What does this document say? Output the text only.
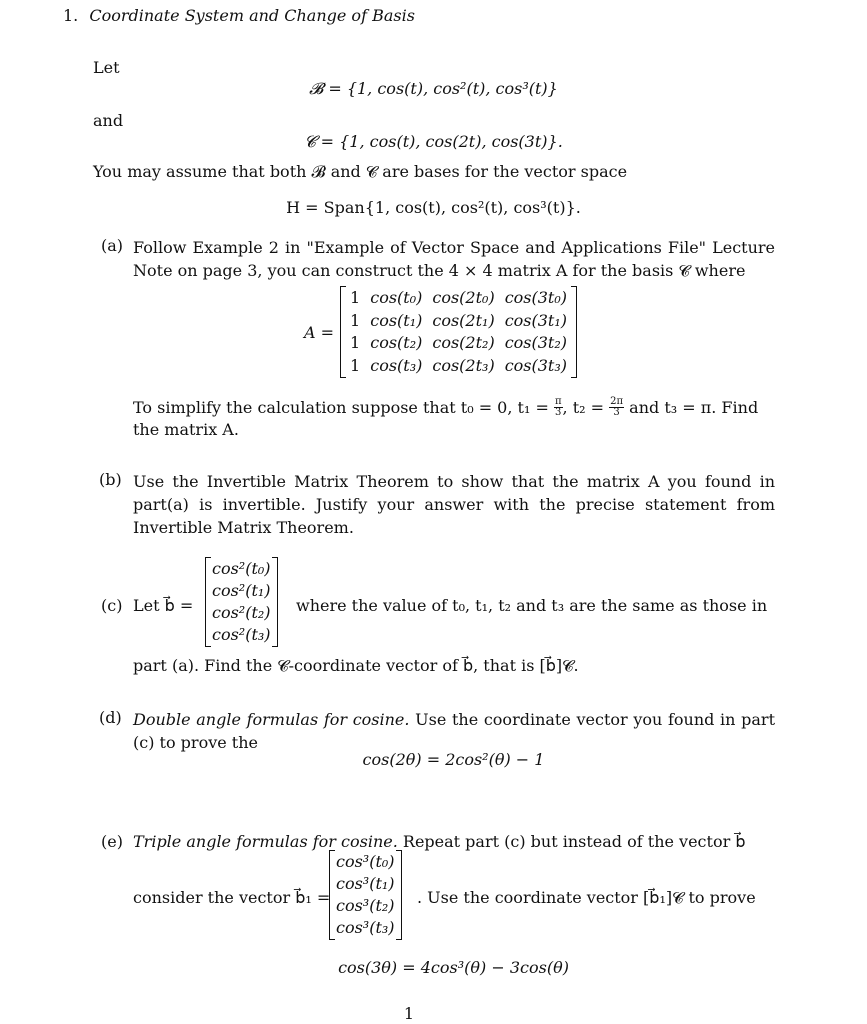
1. Coordinate System and Change of Basis
Let
𝓑 = {1, cos(t), cos²(t), cos³(t)}
and
𝓒 = {1, cos(t), cos(2t), cos(3t)}.
You may assume that both 𝓑 and 𝓒 are bases for the vector space
H = Span{1, cos(t), cos²(t), cos³(t)}.
(a) Follow Example 2 in "Example of Vector Space and Applications File" Lecture Note on page 3, you can construct the 4 × 4 matrix A for the basis 𝓒 where
A =
1	cos(t₀)	cos(2t₀)	cos(3t₀)
1	cos(t₁)	cos(2t₁)	cos(3t₁)
1	cos(t₂)	cos(2t₂)	cos(3t₂)
1	cos(t₃)	cos(2t₃)	cos(3t₃)
To simplify the calculation suppose that t₀ = 0, $t_1 = \frac{\pi}{3}$ , $t_2 = \frac{2\pi}{3}$ and t₃ = π. Find
the matrix A.
(b) Use the Invertible Matrix Theorem to show that the matrix A you found in part(a) is invertible. Justify your answer with the precise statement from Invertible Matrix Theorem.
(c) Let b⃗ =
cos²(t₀)
cos²(t₁)
cos²(t₂)
cos²(t₃)
where the value of t₀, t₁, t₂ and t₃ are the same as those in
part (a). Find the 𝓒-coordinate vector of b⃗, that is [b⃗]𝓒.
(d) Double angle formulas for cosine. Use the coordinate vector you found in part (c) to prove the
cos(2θ) = 2cos²(θ) − 1
(e) Triple angle formulas for cosine. Repeat part (c) but instead of the vector b⃗
consider the vector b⃗₁ =
cos³(t₀)
cos³(t₁)
cos³(t₂)
cos³(t₃)
. Use the coordinate vector [b⃗₁]𝓒 to prove
cos(3θ) = 4cos³(θ) − 3cos(θ)
1
